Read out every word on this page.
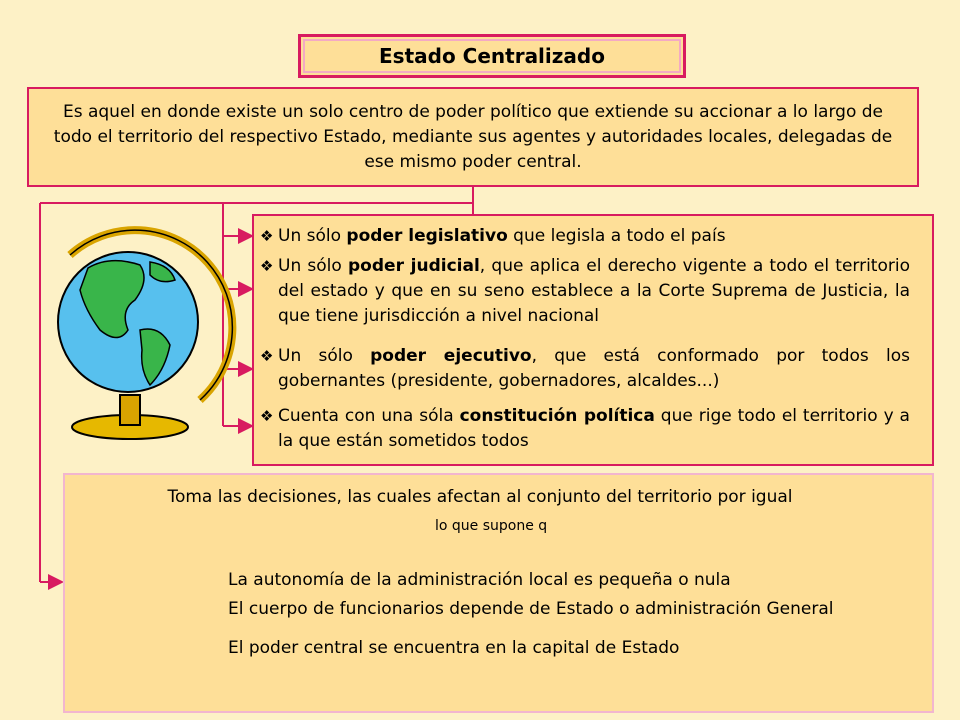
Estado Centralizado
Es aquel en donde existe un solo centro de poder político que extiende su accionar a lo largo de todo el territorio del respectivo Estado, mediante sus agentes y autoridades locales, delegadas de ese mismo poder central.
❖ Un sólo poder legislativo que legisla a todo el país
❖ Un sólo poder judicial, que aplica el derecho vigente a todo el territorio del estado y que en su seno establece a la Corte Suprema de Justicia, la que tiene jurisdicción a nivel nacional
❖ Un sólo poder ejecutivo, que está conformado por todos los gobernantes (presidente, gobernadores, alcaldes...)
❖ Cuenta con una sóla constitución política que rige todo el territorio y a la que están sometidos todos
Toma las decisiones, las cuales afectan al conjunto del territorio por igual
lo que supone q
La autonomía de la administración local es pequeña o nula
El cuerpo de funcionarios depende de Estado o administración General
El poder central se encuentra en la capital de Estado
